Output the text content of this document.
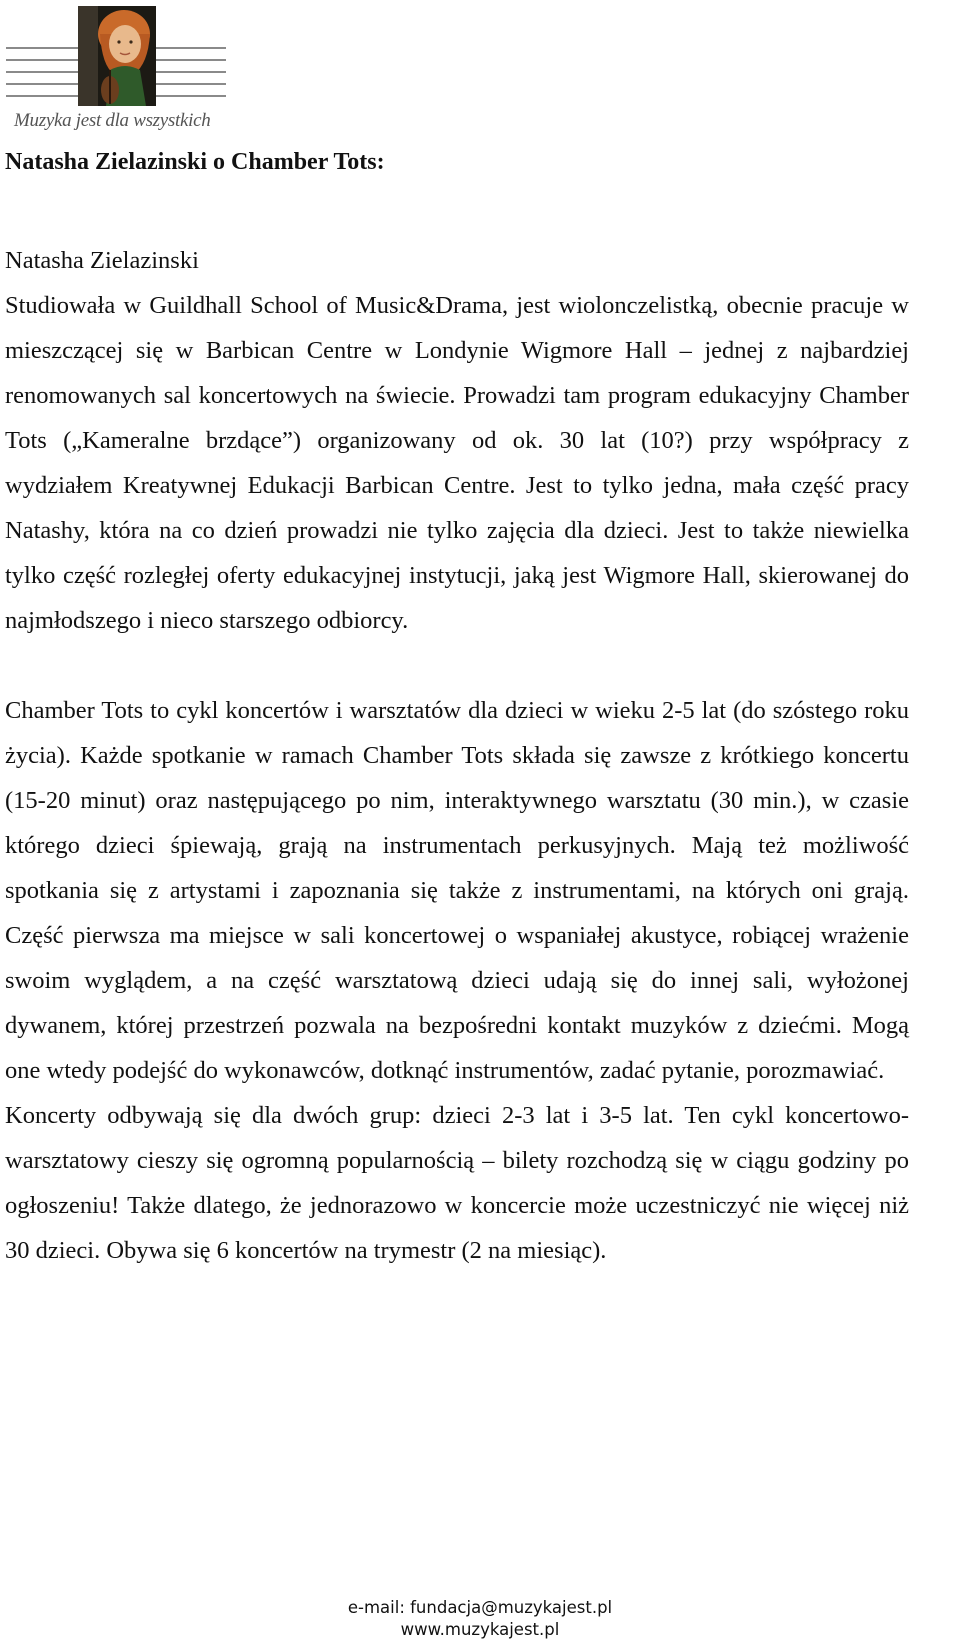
Muzyka jest dla wszystkich
Natasha Zielazinski o Chamber Tots:

Natasha Zielazinski

Studiowała w Guildhall School of Music&Drama, jest wiolonczelistką, obecnie pracuje w mieszczącej się w Barbican Centre w Londynie Wigmore Hall – jednej z najbardziej renomowanych sal koncertowych na świecie. Prowadzi tam program edukacyjny Chamber Tots („Kameralne brzdące”) organizowany od ok. 30 lat (10?) przy współpracy z wydziałem Kreatywnej Edukacji Barbican Centre. Jest to tylko jedna, mała część pracy Natashy, która na co dzień prowadzi nie tylko zajęcia dla dzieci. Jest to także niewielka tylko część rozległej oferty edukacyjnej instytucji, jaką jest Wigmore Hall, skierowanej do najmłodszego i nieco starszego odbiorcy.

Chamber Tots to cykl koncertów i warsztatów dla dzieci w wieku 2-5 lat (do szóstego roku życia). Każde spotkanie w ramach Chamber Tots składa się zawsze z krótkiego koncertu (15-20 minut) oraz następującego po nim, interaktywnego warsztatu (30 min.), w czasie którego dzieci śpiewają, grają na instrumentach perkusyjnych. Mają też możliwość spotkania się z artystami i zapoznania się także z instrumentami, na których oni grają. Część pierwsza ma miejsce w sali koncertowej o wspaniałej akustyce, robiącej wrażenie swoim wyglądem, a na część warsztatową dzieci udają się do innej sali, wyłożonej dywanem, której przestrzeń pozwala na bezpośredni kontakt muzyków z dziećmi. Mogą one wtedy podejść do wykonawców, dotknąć instrumentów, zadać pytanie, porozmawiać.

Koncerty odbywają się dla dwóch grup: dzieci 2-3 lat i 3-5 lat. Ten cykl koncertowo-warsztatowy cieszy się ogromną popularnością – bilety rozchodzą się w ciągu godziny po ogłoszeniu! Także dlatego, że jednorazowo w koncercie może uczestniczyć nie więcej niż 30 dzieci. Obywa się 6 koncertów na trymestr (2 na miesiąc).

e-mail: fundacja@muzykajest.pl
www.muzykajest.pl
